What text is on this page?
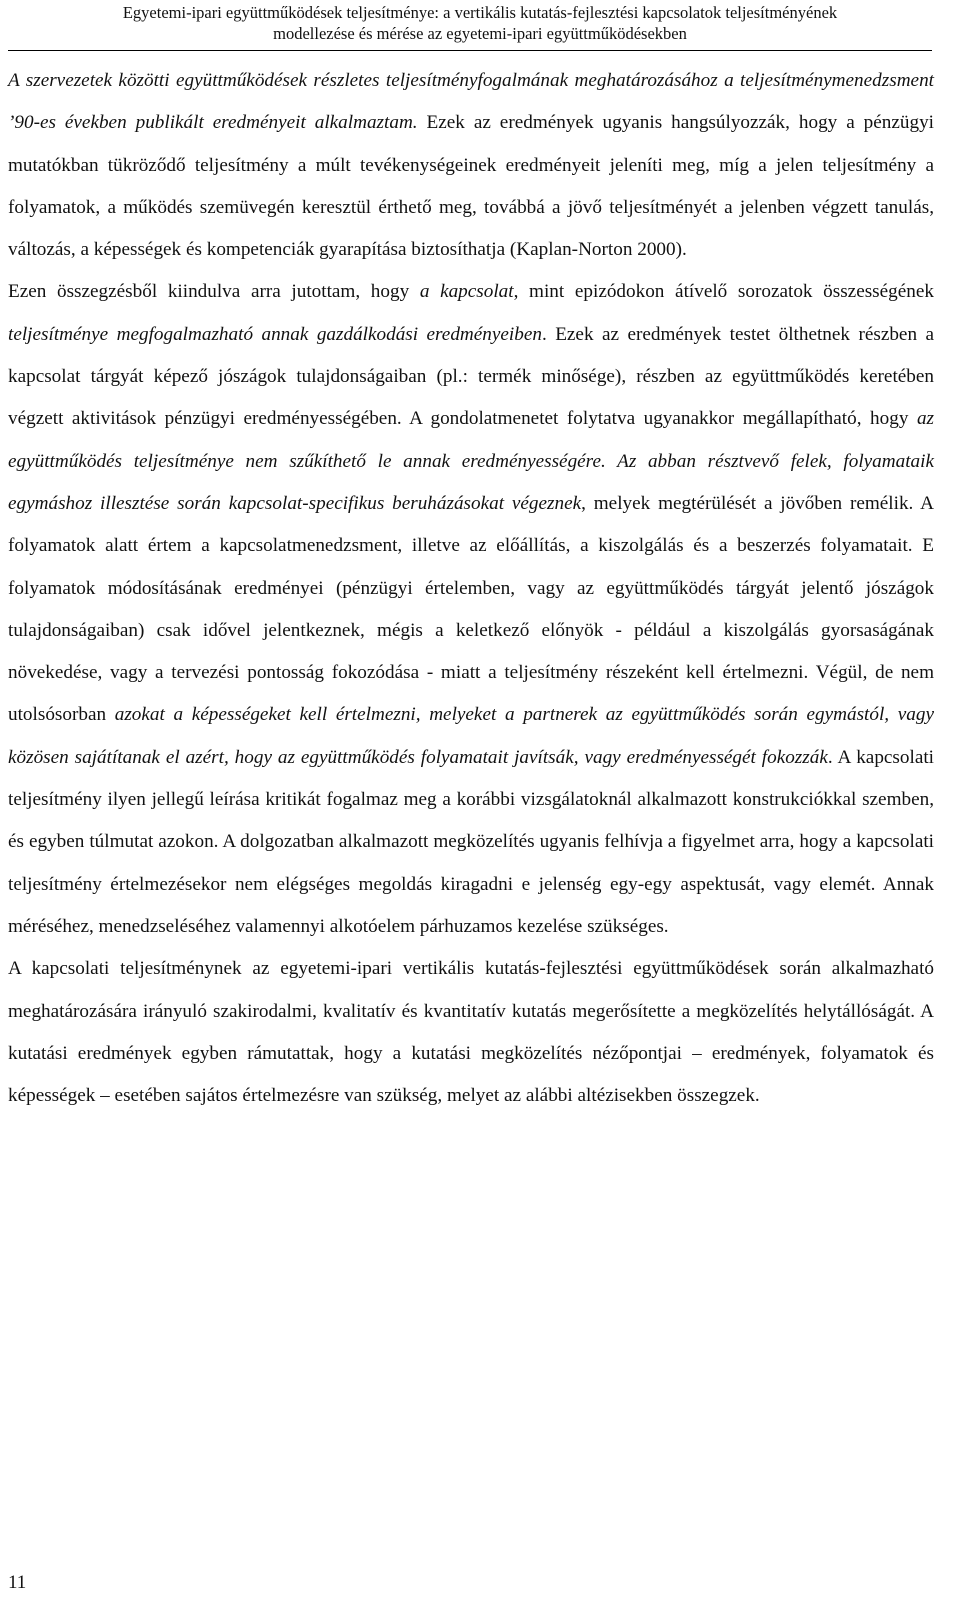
Egyetemi-ipari együttműködések teljesítménye: a vertikális kutatás-fejlesztési kapcsolatok teljesítményének
modellezése és mérése az egyetemi-ipari együttműködésekben

A szervezetek közötti együttműködések részletes teljesítményfogalmának meghatározásához a teljesítménymenedzsment ’90-es években publikált eredményeit alkalmaztam. Ezek az eredmények ugyanis hangsúlyozzák, hogy a pénzügyi mutatókban tükröződő teljesítmény a múlt tevékenységeinek eredményeit jeleníti meg, míg a jelen teljesítmény a folyamatok, a működés szemüvegén keresztül érthető meg, továbbá a jövő teljesítményét a jelenben végzett tanulás, változás, a képességek és kompetenciák gyarapítása biztosíthatja (Kaplan-Norton 2000).

Ezen összegzésből kiindulva arra jutottam, hogy a kapcsolat, mint epizódokon átívelő sorozatok összességének teljesítménye megfogalmazható annak gazdálkodási eredményeiben. Ezek az eredmények testet ölthetnek részben a kapcsolat tárgyát képező jószágok tulajdonságaiban (pl.: termék minősége), részben az együttműködés keretében végzett aktivitások pénzügyi eredményességében. A gondolatmenetet folytatva ugyanakkor megállapítható, hogy az együttműködés teljesítménye nem szűkíthető le annak eredményességére. Az abban résztvevő felek, folyamataik egymáshoz illesztése során kapcsolat-specifikus beruházásokat végeznek, melyek megtérülését a jövőben remélik. A folyamatok alatt értem a kapcsolatmenedzsment, illetve az előállítás, a kiszolgálás és a beszerzés folyamatait. E folyamatok módosításának eredményei (pénzügyi értelemben, vagy az együttműködés tárgyát jelentő jószágok tulajdonságaiban) csak idővel jelentkeznek, mégis a keletkező előnyök - például a kiszolgálás gyorsaságának növekedése, vagy a tervezési pontosság fokozódása - miatt a teljesítmény részeként kell értelmezni. Végül, de nem utolsósorban azokat a képességeket kell értelmezni, melyeket a partnerek az együttműködés során egymástól, vagy közösen sajátítanak el azért, hogy az együttműködés folyamatait javítsák, vagy eredményességét fokozzák. A kapcsolati teljesítmény ilyen jellegű leírása kritikát fogalmaz meg a korábbi vizsgálatoknál alkalmazott konstrukciókkal szemben, és egyben túlmutat azokon. A dolgozatban alkalmazott megközelítés ugyanis felhívja a figyelmet arra, hogy a kapcsolati teljesítmény értelmezésekor nem elégséges megoldás kiragadni e jelenség egy-egy aspektusát, vagy elemét. Annak méréséhez, menedzseléséhez valamennyi alkotóelem párhuzamos kezelése szükséges.

A kapcsolati teljesítménynek az egyetemi-ipari vertikális kutatás-fejlesztési együttműködések során alkalmazható meghatározására irányuló szakirodalmi, kvalitatív és kvantitatív kutatás megerősítette a megközelítés helytállóságát. A kutatási eredmények egyben rámutattak, hogy a kutatási megközelítés nézőpontjai – eredmények, folyamatok és képességek – esetében sajátos értelmezésre van szükség, melyet az alábbi altézisekben összegzek.

11
